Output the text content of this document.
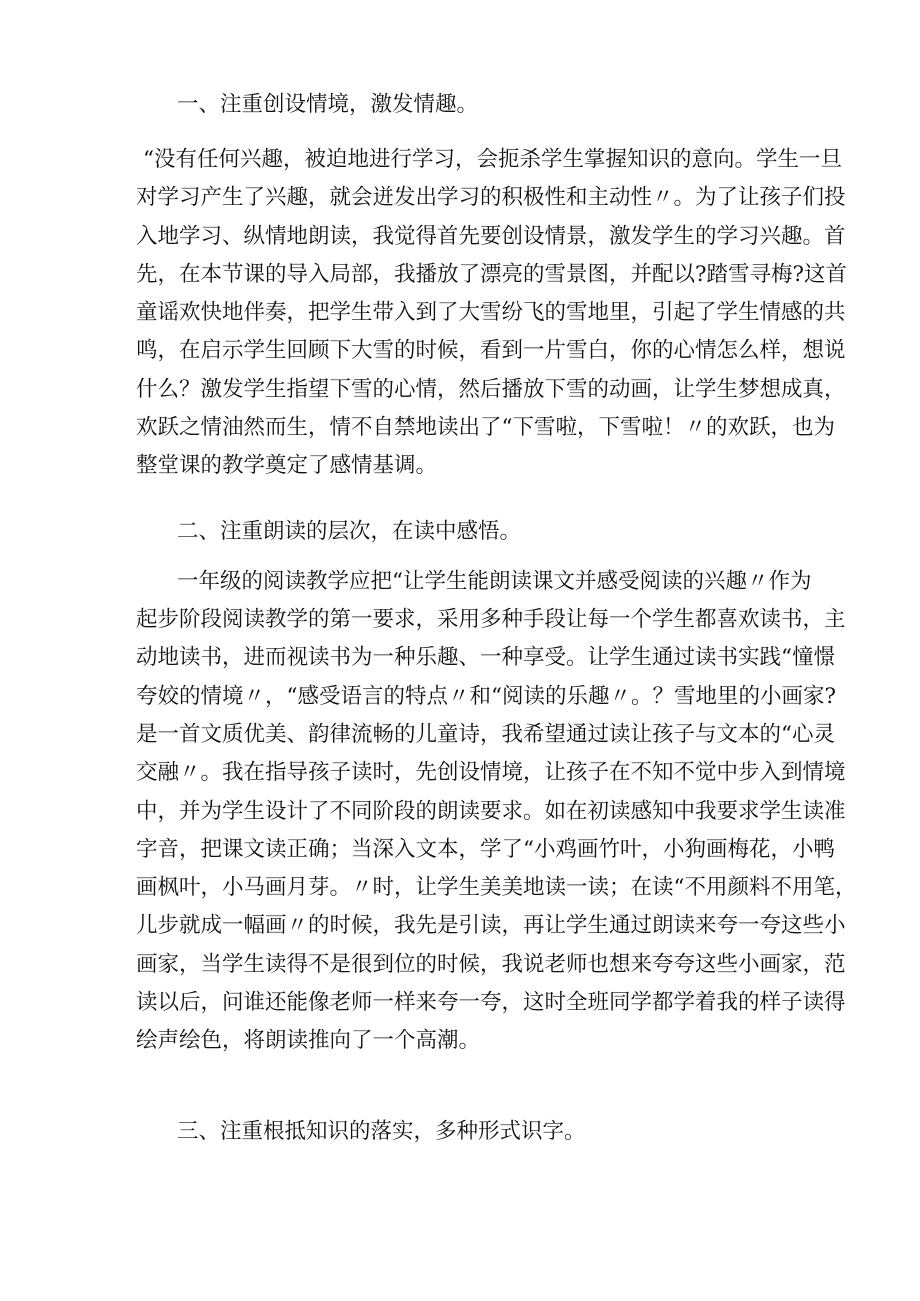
一、注重创设情境，激发情趣。

“没有任何兴趣，被迫地进行学习，会扼杀学生掌握知识的意向。学生一旦

对学习产生了兴趣，就会迸发出学习的积极性和主动性〃。为了让孩子们投

入地学习、纵情地朗读，我觉得首先要创设情景，激发学生的学习兴趣。首

先，在本节课的导入局部，我播放了漂亮的雪景图，并配以?踏雪寻梅?这首

童谣欢快地伴奏，把学生带入到了大雪纷飞的雪地里，引起了学生情感的共

鸣，在启示学生回顾下大雪的时候，看到一片雪白，你的心情怎么样，想说

什么？激发学生指望下雪的心情，然后播放下雪的动画，让学生梦想成真，

欢跃之情油然而生，情不自禁地读出了“下雪啦，下雪啦！〃的欢跃，也为

整堂课的教学奠定了感情基调。

二、注重朗读的层次，在读中感悟。

一年级的阅读教学应把“让学生能朗读课文并感受阅读的兴趣〃作为

起步阶段阅读教学的第一要求，采用多种手段让每一个学生都喜欢读书，主

动地读书，进而视读书为一种乐趣、一种享受。让学生通过读书实践“憧憬

夸姣的情境〃，“感受语言的特点〃和“阅读的乐趣〃。？雪地里的小画家?

是一首文质优美、韵律流畅的儿童诗，我希望通过读让孩子与文本的“心灵

交融〃。我在指导孩子读时，先创设情境，让孩子在不知不觉中步入到情境

中，并为学生设计了不同阶段的朗读要求。如在初读感知中我要求学生读准

字音，把课文读正确；当深入文本，学了“小鸡画竹叶，小狗画梅花，小鸭

画枫叶，小马画月芽。〃时，让学生美美地读一读；在读“不用颜料不用笔，

儿步就成一幅画〃的时候，我先是引读，再让学生通过朗读来夸一夸这些小

画家，当学生读得不是很到位的时候，我说老师也想来夸夸这些小画家，范

读以后，问谁还能像老师一样来夸一夸，这时全班同学都学着我的样子读得

绘声绘色，将朗读推向了一个高潮。

三、注重根抵知识的落实，多种形式识字。
